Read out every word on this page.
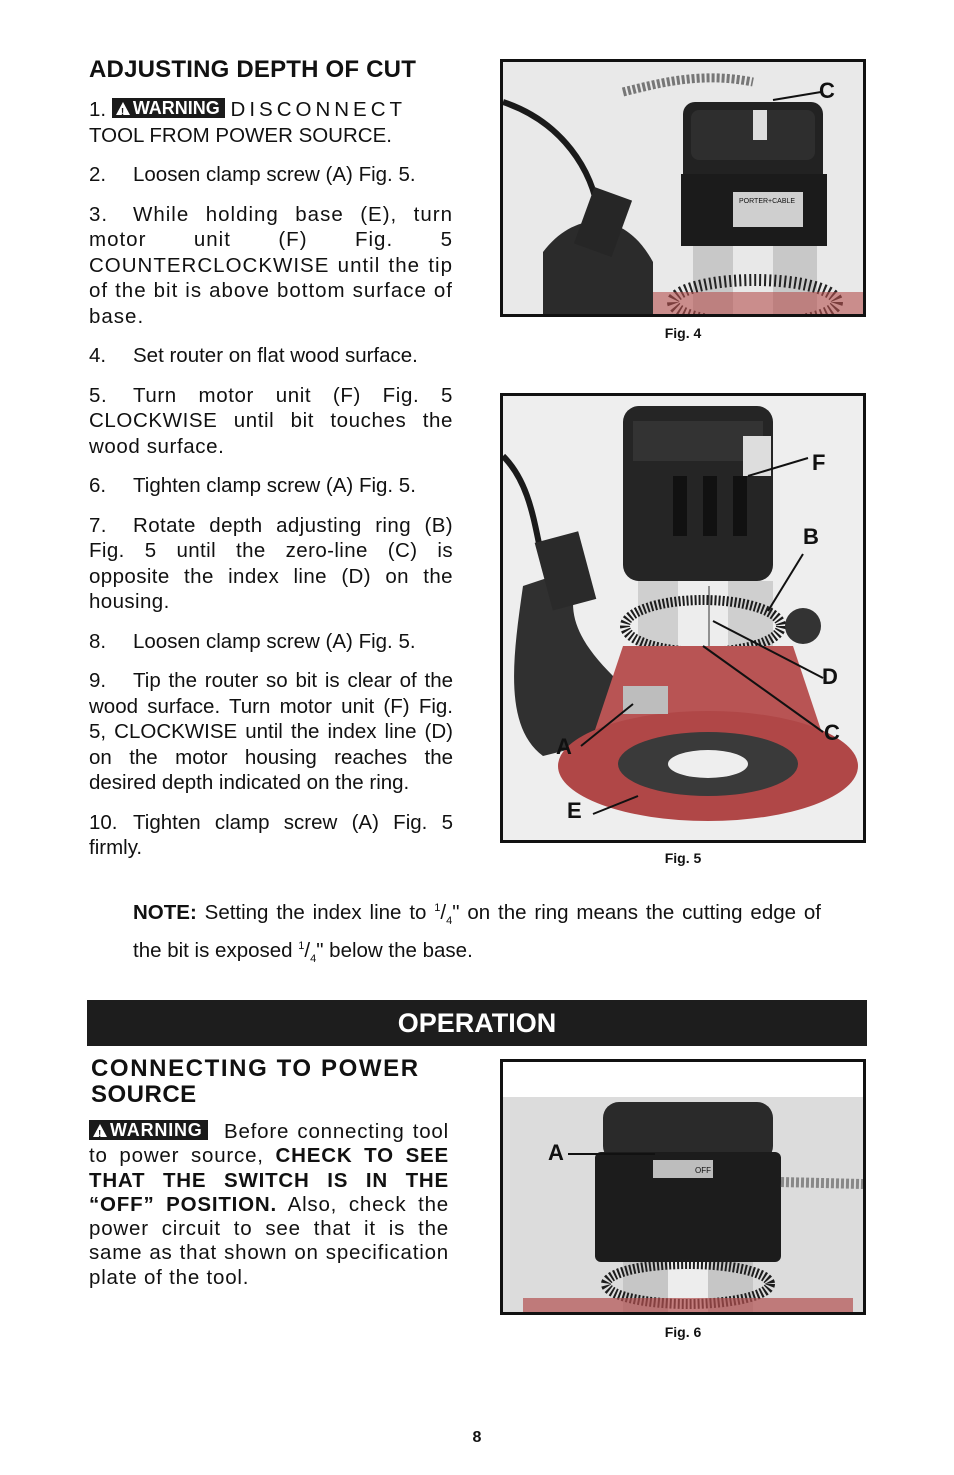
ADJUSTING DEPTH OF CUT

1. ! WARNING DISCONNECT TOOL FROM POWER SOURCE.

2. Loosen clamp screw (A) Fig. 5.

3. While holding base (E), turn motor unit (F) Fig. 5 COUNTERCLOCKWISE until the tip of the bit is above bottom surface of base.

4. Set router on flat wood surface.

5. Turn motor unit (F) Fig. 5 CLOCKWISE until bit touches the wood surface.

6. Tighten clamp screw (A) Fig. 5.

7. Rotate depth adjusting ring (B) Fig. 5 until the zero-line (C) is opposite the index line (D) on the housing.

8. Loosen clamp screw (A) Fig. 5.

9. Tip the router so bit is clear of the wood surface. Turn motor unit (F) Fig. 5, CLOCKWISE until the index line (D) on the motor housing reaches the desired depth indicated on the ring.

10. Tighten clamp screw (A) Fig. 5 firmly.

NOTE: Setting the index line to $^1/_4$" on the ring means the cutting edge of the bit is exposed $^1/_4$" below the base.
PORTER+CABLE
C
Fig. 4
F
B
D
C
A
E
Fig. 5
OPERATION
CONNECTING TO POWER
SOURCE
!WARNING Before connecting tool to power source, CHECK TO SEE THAT THE SWITCH IS IN THE “OFF” POSITION. Also, check the power circuit to see that it is the same as that shown on specification plate of the tool.
OFF
A
Fig. 6
8
